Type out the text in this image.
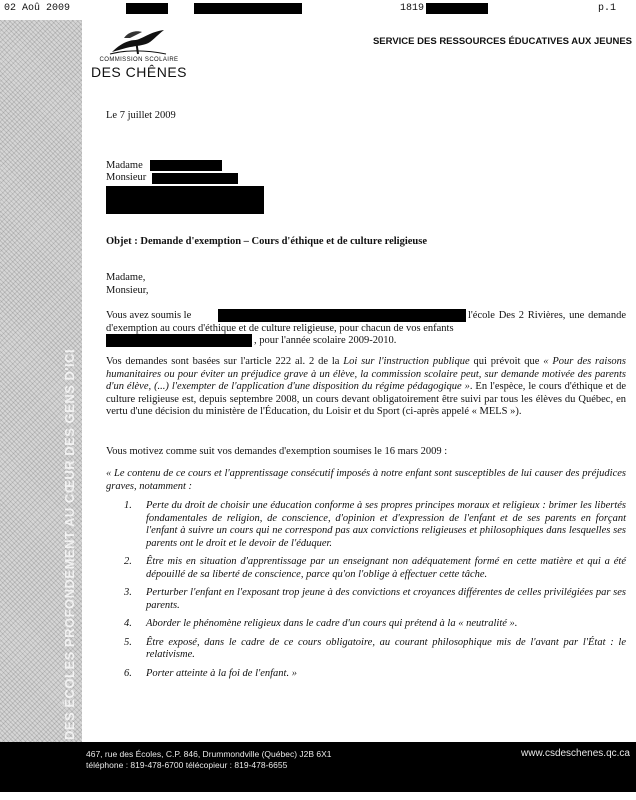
02 Aoû 2009	1819	p.1
DES ÉCOLES PROFONDÉMENT AU CŒUR DES GENS D'ICI
COMMISSION SCOLAIRE
DES CHÊNES
SERVICE DES RESSOURCES ÉDUCATIVES AUX JEUNES

Le 7 juillet 2009

Madame

Monsieur

Objet : Demande d'exemption – Cours d'éthique et de culture religieuse

Madame,

Monsieur,

Vous avez soumis le	l'école Des 2 Rivières, une demande d'exemption au cours d'éthique et de culture religieuse, pour chacun de vos enfants

, pour l'année scolaire 2009-2010.

Vos demandes sont basées sur l'article 222 al. 2 de la Loi sur l'instruction publique qui prévoit que « Pour des raisons humanitaires ou pour éviter un préjudice grave à un élève, la commission scolaire peut, sur demande motivée des parents d'un élève, (...) l'exempter de l'application d'une disposition du régime pédagogique ». En l'espèce, le cours d'éthique et de culture religieuse est, depuis septembre 2008, un cours devant obligatoirement être suivi par tous les élèves du Québec, en vertu d'une décision du ministère de l'Éducation, du Loisir et du Sport (ci-après appelé « MELS »).

Vous motivez comme suit vos demandes d'exemption soumises le 16 mars 2009 :

« Le contenu de ce cours et l'apprentissage consécutif imposés à notre enfant sont susceptibles de lui causer des préjudices graves, notamment :

1. Perte du droit de choisir une éducation conforme à ses propres principes moraux et religieux : brimer les libertés fondamentales de religion, de conscience, d'opinion et d'expression de l'enfant et de ses parents en forçant l'enfant à suivre un cours qui ne correspond pas aux convictions religieuses et philosophiques dans lesquelles ses parents ont le droit et le devoir de l'éduquer.
2. Être mis en situation d'apprentissage par un enseignant non adéquatement formé en cette matière et qui a été dépouillé de sa liberté de conscience, parce qu'on l'oblige à effectuer cette tâche.
3. Perturber l'enfant en l'exposant trop jeune à des convictions et croyances différentes de celles privilégiées par ses parents.
4. Aborder le phénomène religieux dans le cadre d'un cours qui prétend à la « neutralité ».
5. Être exposé, dans le cadre de ce cours obligatoire, au courant philosophique mis de l'avant par l'État : le relativisme.
6. Porter atteinte à la foi de l'enfant. »
467, rue des Écoles, C.P. 846, Drummondville (Québec) J2B 6X1
téléphone : 819-478-6700 télécopieur : 819-478-6655
www.csdeschenes.qc.ca
